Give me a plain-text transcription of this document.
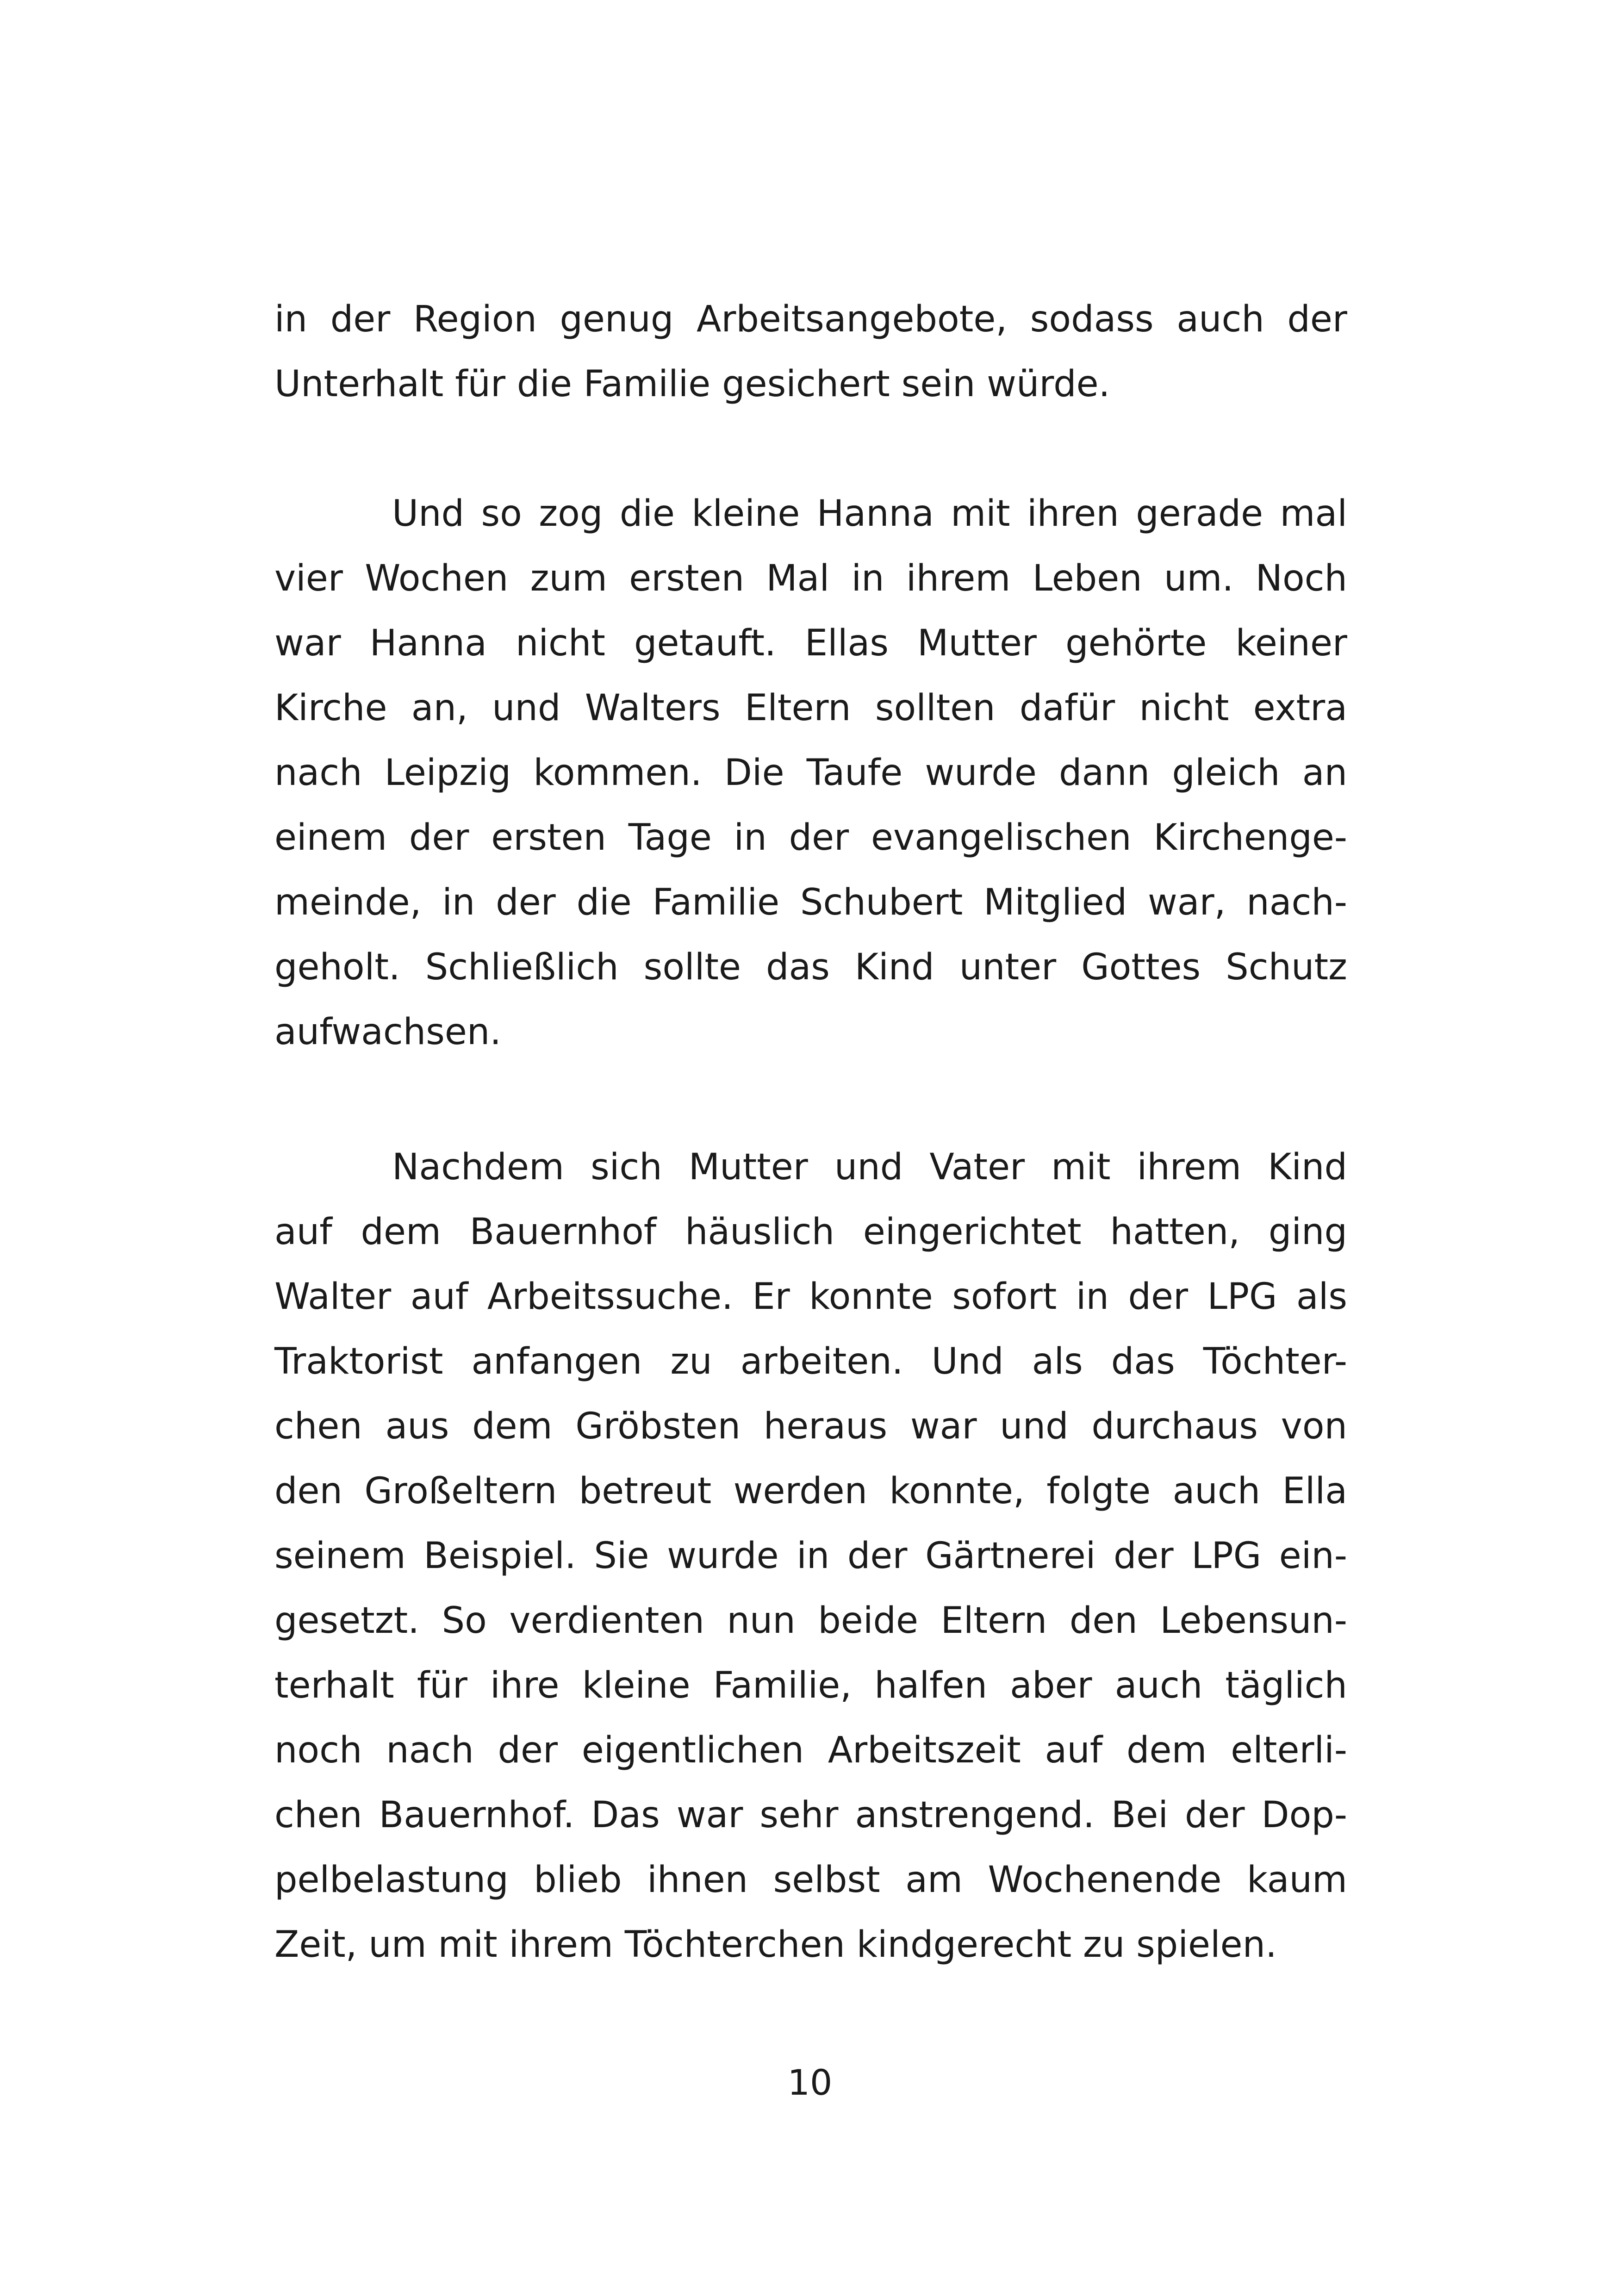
in der Region genug Arbeitsangebote, sodass auch der
Unterhalt für die Familie gesichert sein würde.
Und so zog die kleine Hanna mit ihren gerade mal
vier Wochen zum ersten Mal in ihrem Leben um. Noch
war Hanna nicht getauft. Ellas Mutter gehörte keiner
Kirche an, und Walters Eltern sollten dafür nicht extra
nach Leipzig kommen. Die Taufe wurde dann gleich an
einem der ersten Tage in der evangelischen Kirchenge-
meinde, in der die Familie Schubert Mitglied war, nach-
geholt. Schließlich sollte das Kind unter Gottes Schutz
aufwachsen.
Nachdem sich Mutter und Vater mit ihrem Kind
auf dem Bauernhof häuslich eingerichtet hatten, ging
Walter auf Arbeitssuche. Er konnte sofort in der LPG als
Traktorist anfangen zu arbeiten. Und als das Töchter-
chen aus dem Gröbsten heraus war und durchaus von
den Großeltern betreut werden konnte, folgte auch Ella
seinem Beispiel. Sie wurde in der Gärtnerei der LPG ein-
gesetzt. So verdienten nun beide Eltern den Lebensun-
terhalt für ihre kleine Familie, halfen aber auch täglich
noch nach der eigentlichen Arbeitszeit auf dem elterli-
chen Bauernhof. Das war sehr anstrengend. Bei der Dop-
pelbelastung blieb ihnen selbst am Wochenende kaum
Zeit, um mit ihrem Töchterchen kindgerecht zu spielen.
10
